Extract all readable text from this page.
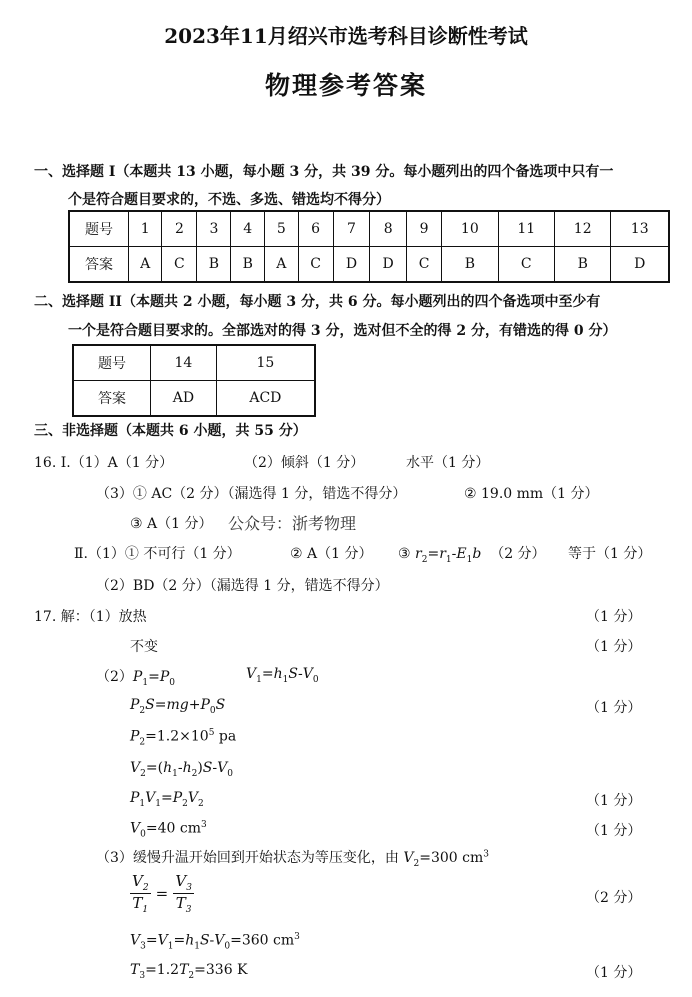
2023年11月绍兴市选考科目诊断性考试
物理参考答案
一、选择题 I（本题共 13 小题，每小题 3 分，共 39 分。每小题列出的四个备选项中只有一
个是符合题目要求的，不选、多选、错选均不得分）
题号	1	2	3	4	5	6	7	8	9	10	11	12	13
答案	A	C	B	B	A	C	D	D	C	B	C	B	D
二、选择题 II（本题共 2 小题，每小题 3 分，共 6 分。每小题列出的四个备选项中至少有
一个是符合题目要求的。全部选对的得 3 分，选对但不全的得 2 分，有错选的得 0 分）
题号	14	15
答案	AD	ACD
三、非选择题（本题共 6 小题，共 55 分）
16. Ⅰ.（1）A（1 分）	（2）倾斜（1 分）	水平（1 分）
（3）① AC（2 分）（漏选得 1 分，错选不得分）	② 19.0 mm（1 分）
③ A（1 分） 公众号：浙考物理
Ⅱ.（1）① 不可行（1 分）	② A（1 分） ③ $r_2=r_1-E_1b$ （2 分） 等于（1 分）
（2）BD（2 分）（漏选得 1 分，错选不得分）
17. 解：（1）放热	（1 分）
不变	（1 分）
$(2)P_1=P_0$
$V_1=h_1S-V_0$
$P_2S=mg+P_0S$	（1 分）
$P_2=1.2\times 10^5$ pa
$V_2=(h_1-h_2)S-V_0$
$P_1V_1=P_2V_2$	（1 分）
$V_0=40$ $cm^3$	（1 分）
（3）缓慢升温开始回到开始状态为等压变化，由 $V_2=300$ $cm^3$
$\frac{V_2}{T_1} = \frac{V_3}{T_3}$	（2 分）
$V_3=V_1=h_1S-V_0=360$ $cm^3$
$T_3=1.2T_2=336$ K	（1 分）
